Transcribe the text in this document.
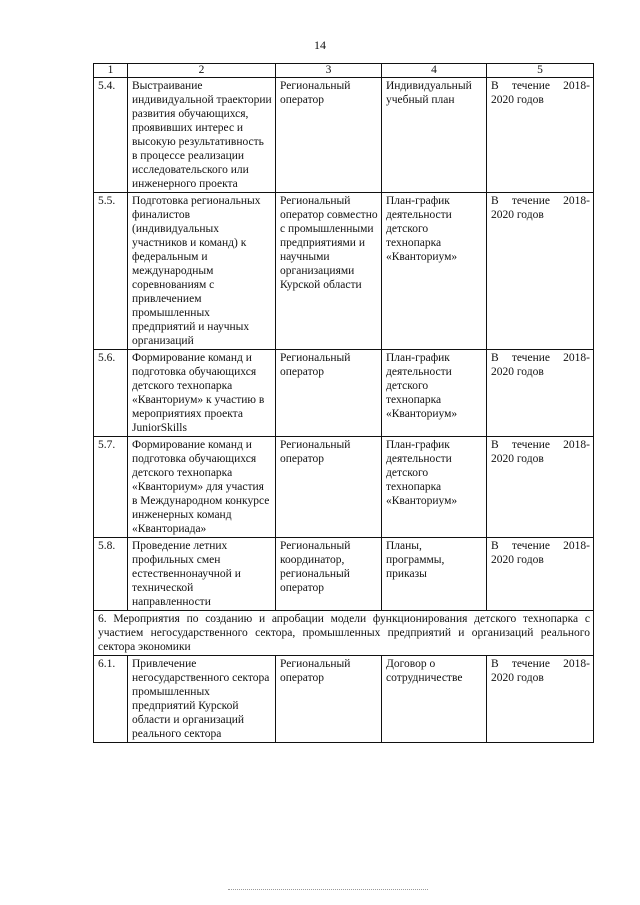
14
1	2	3	4	5
5.4.	Выстраивание индивидуальной траектории развития обучающихся, проявивших интерес и высокую результативность в процессе реализации исследовательского или инженерного проекта	Региональный оператор	Индивидуальный учебный план	В течение 2018-2020 годов
5.5.	Подготовка региональных финалистов (индивидуальных участников и команд) к федеральным и международным соревнованиям с привлечением промышленных предприятий и научных организаций	Региональный оператор совместно с промышленными предприятиями и научными организациями Курской области	План-график деятельности детского технопарка «Кванториум»	В течение 2018-2020 годов
5.6.	Формирование команд и подготовка обучающихся детского технопарка «Кванториум» к участию в мероприятиях проекта JuniorSkills	Региональный оператор	План-график деятельности детского технопарка «Кванториум»	В течение 2018-2020 годов
5.7.	Формирование команд и подготовка обучающихся детского технопарка «Кванториум» для участия в Международном конкурсе инженерных команд «Кванториада»	Региональный оператор	План-график деятельности детского технопарка «Кванториум»	В течение 2018-2020 годов
5.8.	Проведение летних профильных смен естественнонаучной и технической направленности	Региональный координатор, региональный оператор	Планы, программы, приказы	В течение 2018-2020 годов
6. Мероприятия по созданию и апробации модели функционирования детского технопарка с участием негосударственного сектора, промышленных предприятий и организаций реального сектора экономики				
6.1.	Привлечение негосударственного сектора промышленных предприятий Курской области и организаций реального сектора	Региональный оператор	Договор о сотрудничестве	В течение 2018-2020 годов
